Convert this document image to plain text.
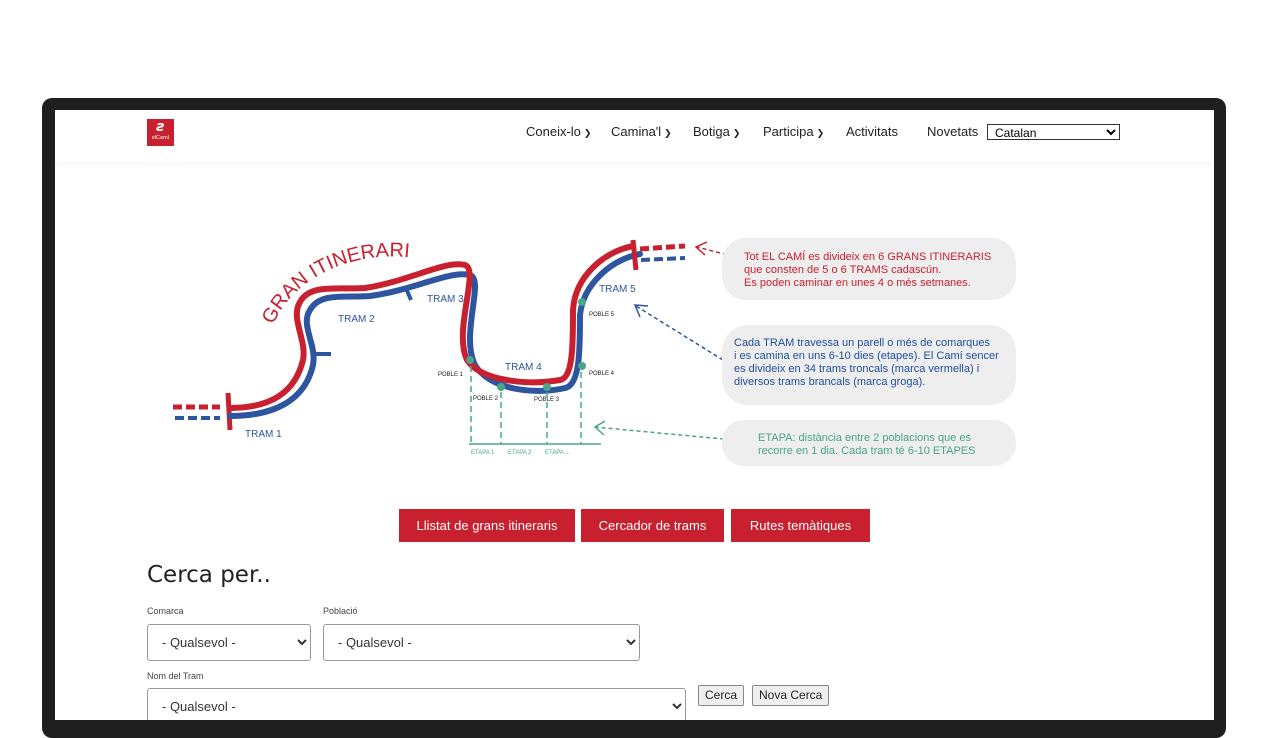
ƨ
elCamí	Coneix-lo ❯ Camina'l ❯ Botiga ❯ Participa ❯ Activitats Novetats
Catalan
GRAN ITINERARI
TRAM 1
TRAM 2
TRAM 3
TRAM 4
TRAM 5
POBLE 1
POBLE 2	POBLE 3
POBLE 4
POBLE 5
ETAPA 1 ETAPA 2 ETAPA ...
Tot EL CAMÍ es divideix en 6 GRANS ITINERARIS que consten de 5 o 6 TRAMS cadascún. Es poden caminar en unes 4 o més setmanes.
Cada TRAM travessa un parell o més de comarques i es camina en uns 6-10 dies (etapes). El Camí sencer es divideix en 34 trams troncals (marca vermella) i diversos trams brancals (marca groga).
ETAPA: distància entre 2 poblacions que es recorre en 1 dia. Cada tram té 6-10 ETAPES
Llistat de grans itineraris	Cercador de trams	Rutes temàtiques
Cerca per..
Comarca	Població
- Qualsevol -
- Qualsevol -
Nom del Tram
- Qualsevol -
Cerca	Nova Cerca
